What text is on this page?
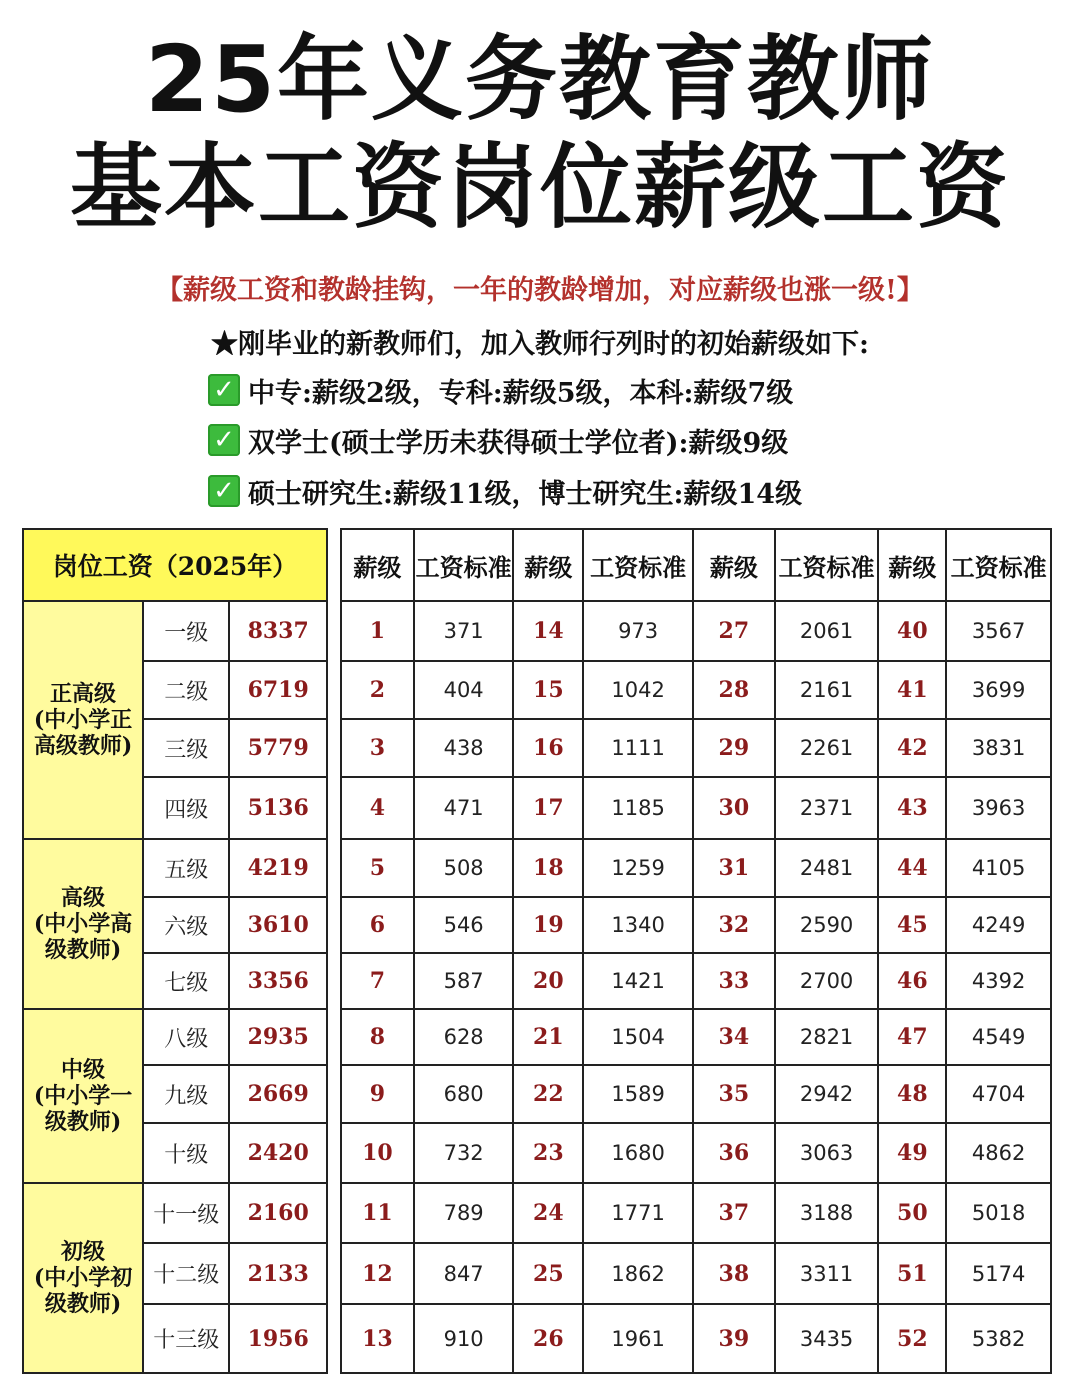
25年义务教育教师
基本工资岗位薪级工资
【薪级工资和教龄挂钩，一年的教龄增加，对应薪级也涨一级!】
★刚毕业的新教师们，加入教师行列时的初始薪级如下:
✓ 中专:薪级2级，专科:薪级5级，本科:薪级7级
✓ 双学士(硕士学历未获得硕士学位者):薪级9级
✓ 硕士研究生:薪级11级，博士研究生:薪级14级
岗位工资（2025年）		

正高级
(中小学正
高级教师)	一级	8337
	二级	6719
	三级	5779
	四级	5136

高级
(中小学高
级教师)	五级	4219
	六级	3610
	七级	3356

中级
(中小学一
级教师)	八级	2935
	九级	2669
	十级	2420

初级
(中小学初
级教师)	十一级	2160
	十二级	2133
	十三级	1956
薪级	工资标准	薪级	工资标准	薪级	工资标准	薪级	工资标准
1	371	14	973	27	2061	40	3567
2	404	15	1042	28	2161	41	3699
3	438	16	1111	29	2261	42	3831
4	471	17	1185	30	2371	43	3963
5	508	18	1259	31	2481	44	4105
6	546	19	1340	32	2590	45	4249
7	587	20	1421	33	2700	46	4392
8	628	21	1504	34	2821	47	4549
9	680	22	1589	35	2942	48	4704
10	732	23	1680	36	3063	49	4862
11	789	24	1771	37	3188	50	5018
12	847	25	1862	38	3311	51	5174
13	910	26	1961	39	3435	52	5382
